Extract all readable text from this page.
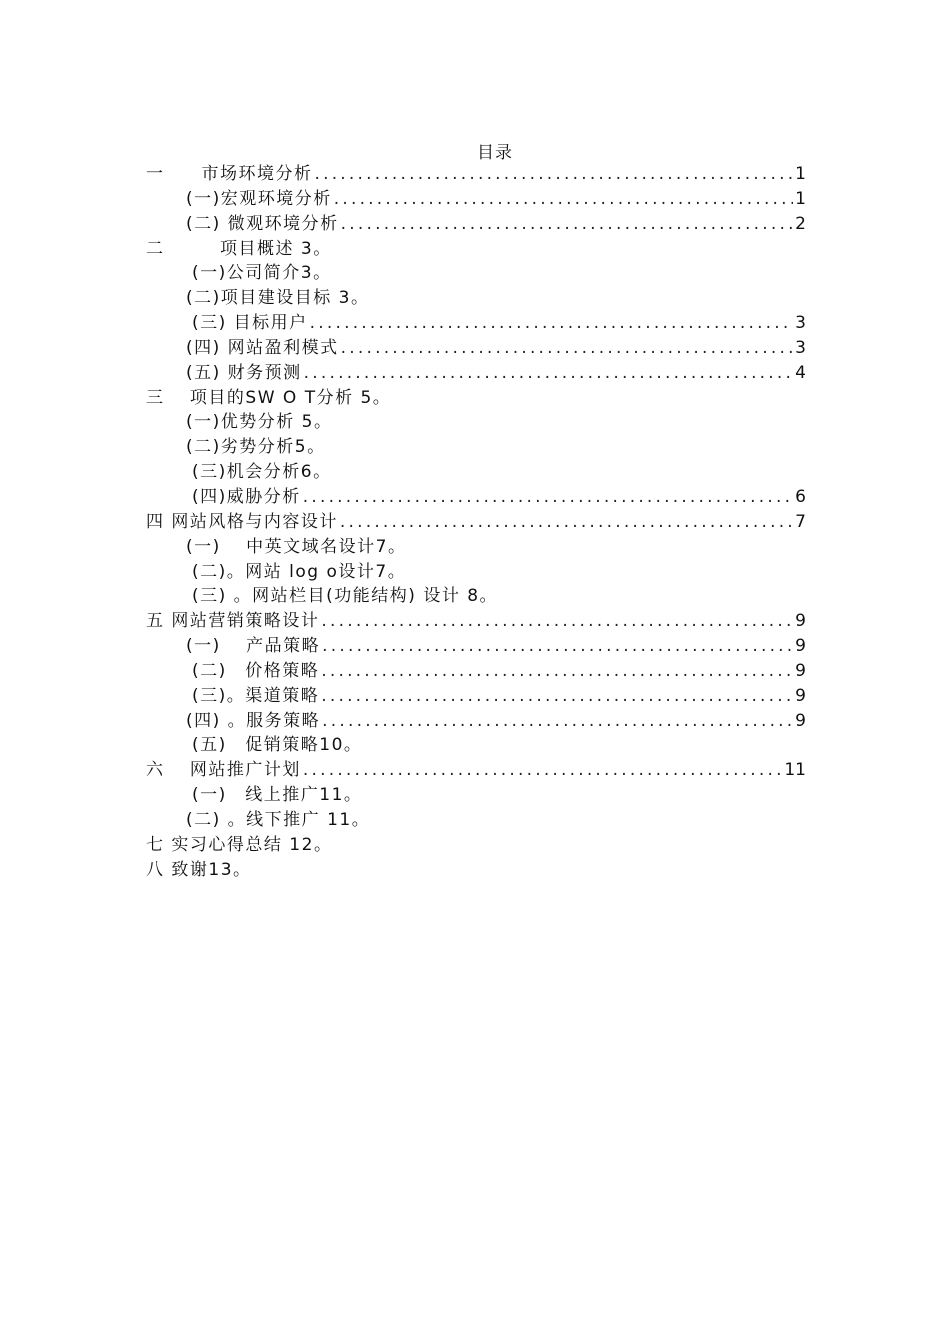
目录
一　　市场环境分析 .....	1
(一)宏观环境分析 .....	1
(二) 微观环境分析 .....	2
二　　　项目概述 3。
(一)公司简介3。
(二)项目建设目标 3。
(三) 目标用户 .....	3
(四) 网站盈利模式 .....	3
(五) 财务预测 .....	4
三　 项目的SW O T分析 5。
(一)优势分析 5。
(二)劣势分析5。
(三)机会分析6。
(四)威胁分析 .....	6
四 网站风格与内容设计 .....	7
(一)　 中英文域名设计7。
(二)。网站 log o设计7。
(三) 。网站栏目(功能结构) 设计 8。
五 网站营销策略设计 .....	9
(一)　 产品策略 .....	9
(二)　价格策略 .....	9
(三)。渠道策略 .....	9
(四) 。服务策略 .....	9
(五)　促销策略10。
六　 网站推广计划 .....	11
(一)　线上推广11。
(二) 。线下推广 11。
七 实习心得总结 12。
八 致谢13。
